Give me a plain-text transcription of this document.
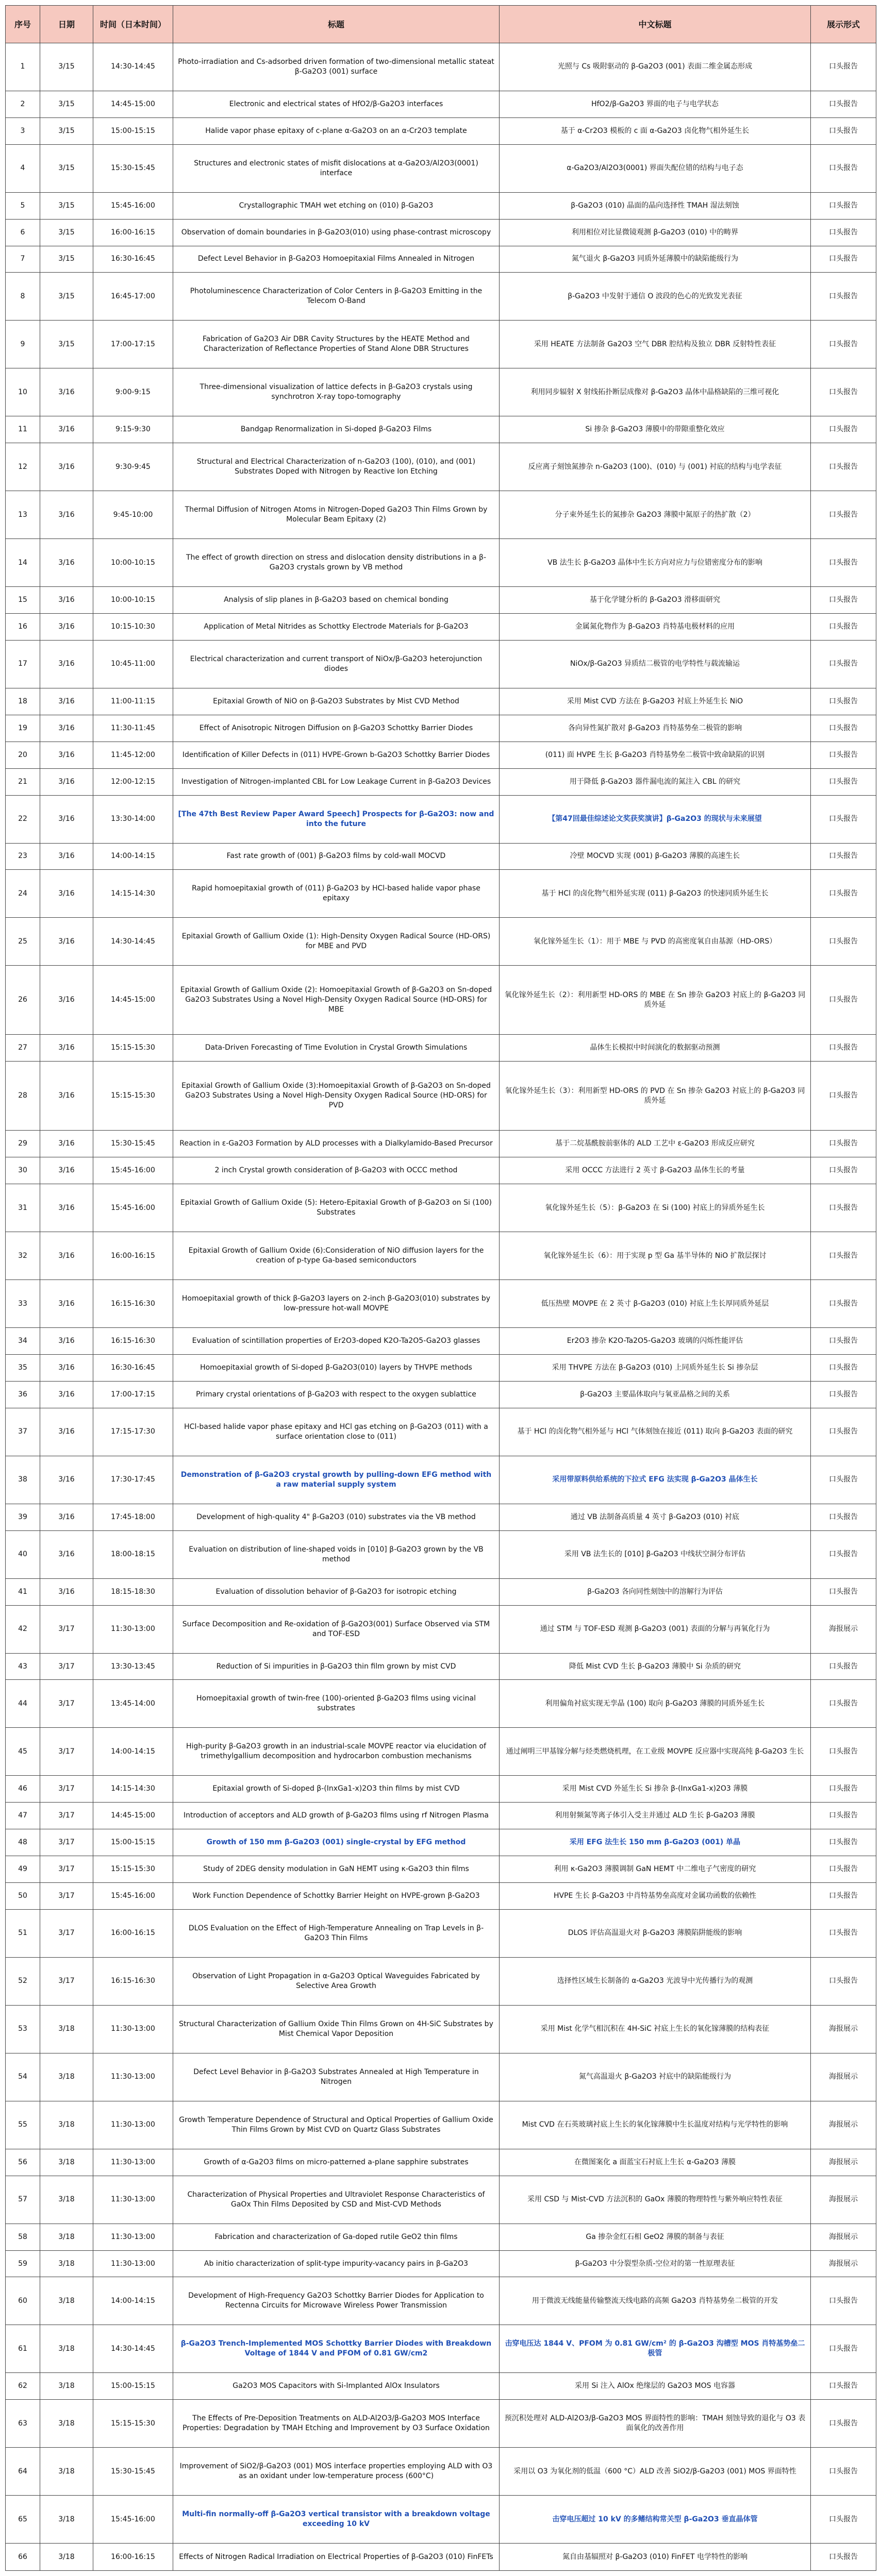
序号	日期	时间（日本时间）	标题	中文标题	展示形式
1	3/15	14:30-14:45	Photo-irradiation and Cs-adsorbed driven formation of two-dimensional metallic stateat β-Ga2O3 (001) surface	光照与 Cs 吸附驱动的 β-Ga2O3 (001) 表面二维金属态形成	口头报告
2	3/15	14:45-15:00	Electronic and electrical states of HfO2/β-Ga2O3 interfaces	HfO2/β-Ga2O3 界面的电子与电学状态	口头报告
3	3/15	15:00-15:15	Halide vapor phase epitaxy of c-plane α-Ga2O3 on an α-Cr2O3 template	基于 α-Cr2O3 模板的 c 面 α-Ga2O3 卤化物气相外延生长	口头报告
4	3/15	15:30-15:45	Structures and electronic states of misfit dislocations at α-Ga2O3/Al2O3(0001) interface	α-Ga2O3/Al2O3(0001) 界面失配位错的结构与电子态	口头报告
5	3/15	15:45-16:00	Crystallographic TMAH wet etching on (010) β-Ga2O3	β-Ga2O3 (010) 晶面的晶向选择性 TMAH 湿法刻蚀	口头报告
6	3/15	16:00-16:15	Observation of domain boundaries in β-Ga2O3(010) using phase-contrast microscopy	利用相位对比显微镜观测 β-Ga2O3 (010) 中的畴界	口头报告
7	3/15	16:30-16:45	Defect Level Behavior in β-Ga2O3 Homoepitaxial Films Annealed in Nitrogen	氮气退火 β-Ga2O3 同质外延薄膜中的缺陷能级行为	口头报告
8	3/15	16:45-17:00	Photoluminescence Characterization of Color Centers in β-Ga2O3 Emitting in the Telecom O-Band	β-Ga2O3 中发射于通信 O 波段的色心的光致发光表征	口头报告
9	3/15	17:00-17:15	Fabrication of Ga2O3 Air DBR Cavity Structures by the HEATE Method and Characterization of Reflectance Properties of Stand Alone DBR Structures	采用 HEATE 方法制备 Ga2O3 空气 DBR 腔结构及独立 DBR 反射特性表征	口头报告
10	3/16	9:00-9:15	Three-dimensional visualization of lattice defects in β-Ga2O3 crystals using synchrotron X-ray topo-tomography	利用同步辐射 X 射线拓扑断层成像对 β-Ga2O3 晶体中晶格缺陷的三维可视化	口头报告
11	3/16	9:15-9:30	Bandgap Renormalization in Si-doped β-Ga2O3 Films	Si 掺杂 β-Ga2O3 薄膜中的带隙重整化效应	口头报告
12	3/16	9:30-9:45	Structural and Electrical Characterization of n-Ga2O3 (100), (010), and (001) Substrates Doped with Nitrogen by Reactive Ion Etching	反应离子刻蚀氮掺杂 n-Ga2O3 (100)、(010) 与 (001) 衬底的结构与电学表征	口头报告
13	3/16	9:45-10:00	Thermal Diffusion of Nitrogen Atoms in Nitrogen-Doped Ga2O3 Thin Films Grown by Molecular Beam Epitaxy (2)	分子束外延生长的氮掺杂 Ga2O3 薄膜中氮原子的热扩散（2）	口头报告
14	3/16	10:00-10:15	The effect of growth direction on stress and dislocation density distributions in a β-Ga2O3 crystals grown by VB method	VB 法生长 β-Ga2O3 晶体中生长方向对应力与位错密度分布的影响	口头报告
15	3/16	10:00-10:15	Analysis of slip planes in β-Ga2O3 based on chemical bonding	基于化学键分析的 β-Ga2O3 滑移面研究	口头报告
16	3/16	10:15-10:30	Application of Metal Nitrides as Schottky Electrode Materials for β-Ga2O3	金属氮化物作为 β-Ga2O3 肖特基电极材料的应用	口头报告
17	3/16	10:45-11:00	Electrical characterization and current transport of NiOx/β-Ga2O3 heterojunction diodes	NiOx/β-Ga2O3 异质结二极管的电学特性与载流输运	口头报告
18	3/16	11:00-11:15	Epitaxial Growth of NiO on β-Ga2O3 Substrates by Mist CVD Method	采用 Mist CVD 方法在 β-Ga2O3 衬底上外延生长 NiO	口头报告
19	3/16	11:30-11:45	Effect of Anisotropic Nitrogen Diffusion on β-Ga2O3 Schottky Barrier Diodes	各向异性氮扩散对 β-Ga2O3 肖特基势垒二极管的影响	口头报告
20	3/16	11:45-12:00	Identification of Killer Defects in (011) HVPE-Grown b-Ga2O3 Schottky Barrier Diodes	(011) 面 HVPE 生长 β-Ga2O3 肖特基势垒二极管中致命缺陷的识别	口头报告
21	3/16	12:00-12:15	Investigation of Nitrogen-implanted CBL for Low Leakage Current in β-Ga2O3 Devices	用于降低 β-Ga2O3 器件漏电流的氮注入 CBL 的研究	口头报告
22	3/16	13:30-14:00	[The 47th Best Review Paper Award Speech] Prospects for β-Ga2O3: now and into the future	【第47回最佳综述论文奖获奖演讲】β-Ga2O3 的现状与未来展望	口头报告
23	3/16	14:00-14:15	Fast rate growth of (001) β-Ga2O3 films by cold-wall MOCVD	冷壁 MOCVD 实现 (001) β-Ga2O3 薄膜的高速生长	口头报告
24	3/16	14:15-14:30	Rapid homoepitaxial growth of (011) β-Ga2O3 by HCl-based halide vapor phase epitaxy	基于 HCl 的卤化物气相外延实现 (011) β-Ga2O3 的快速同质外延生长	口头报告
25	3/16	14:30-14:45	Epitaxial Growth of Gallium Oxide (1): High-Density Oxygen Radical Source (HD-ORS) for MBE and PVD	氧化镓外延生长（1）：用于 MBE 与 PVD 的高密度氧自由基源（HD-ORS）	口头报告
26	3/16	14:45-15:00	Epitaxial Growth of Gallium Oxide (2): Homoepitaxial Growth of β-Ga2O3 on Sn-doped Ga2O3 Substrates Using a Novel High-Density Oxygen Radical Source (HD-ORS) for MBE	氧化镓外延生长（2）：利用新型 HD-ORS 的 MBE 在 Sn 掺杂 Ga2O3 衬底上的 β-Ga2O3 同质外延	口头报告
27	3/16	15:15-15:30	Data-Driven Forecasting of Time Evolution in Crystal Growth Simulations	晶体生长模拟中时间演化的数据驱动预测	口头报告
28	3/16	15:15-15:30	Epitaxial Growth of Gallium Oxide (3):Homoepitaxial Growth of β-Ga2O3 on Sn-doped Ga2O3 Substrates Using a Novel High-Density Oxygen Radical Source (HD-ORS) for PVD	氧化镓外延生长（3）：利用新型 HD-ORS 的 PVD 在 Sn 掺杂 Ga2O3 衬底上的 β-Ga2O3 同质外延	口头报告
29	3/16	15:30-15:45	Reaction in ε-Ga2O3 Formation by ALD processes with a Dialkylamido-Based Precursor	基于二烷基酰胺前驱体的 ALD 工艺中 ε-Ga2O3 形成反应研究	口头报告
30	3/16	15:45-16:00	2 inch Crystal growth consideration of β-Ga2O3 with OCCC method	采用 OCCC 方法进行 2 英寸 β-Ga2O3 晶体生长的考量	口头报告
31	3/16	15:45-16:00	Epitaxial Growth of Gallium Oxide (5): Hetero-Epitaxial Growth of β-Ga2O3 on Si (100) Substrates	氧化镓外延生长（5）：β-Ga2O3 在 Si (100) 衬底上的异质外延生长	口头报告
32	3/16	16:00-16:15	Epitaxial Growth of Gallium Oxide (6):Consideration of NiO diffusion layers for the creation of p-type Ga-based semiconductors	氧化镓外延生长（6）：用于实现 p 型 Ga 基半导体的 NiO 扩散层探讨	口头报告
33	3/16	16:15-16:30	Homoepitaxial growth of thick β-Ga2O3 layers on 2-inch β-Ga2O3(010) substrates by low-pressure hot-wall MOVPE	低压热壁 MOVPE 在 2 英寸 β-Ga2O3 (010) 衬底上生长厚同质外延层	口头报告
34	3/16	16:15-16:30	Evaluation of scintillation properties of Er2O3-doped K2O-Ta2O5-Ga2O3 glasses	Er2O3 掺杂 K2O-Ta2O5-Ga2O3 玻璃的闪烁性能评估	口头报告
35	3/16	16:30-16:45	Homoepitaxial growth of Si-doped β-Ga2O3(010) layers by THVPE methods	采用 THVPE 方法在 β-Ga2O3 (010) 上同质外延生长 Si 掺杂层	口头报告
36	3/16	17:00-17:15	Primary crystal orientations of β-Ga2O3 with respect to the oxygen sublattice	β-Ga2O3 主要晶体取向与氧亚晶格之间的关系	口头报告
37	3/16	17:15-17:30	HCl-based halide vapor phase epitaxy and HCl gas etching on β-Ga2O3 (011) with a surface orientation close to (011)	基于 HCl 的卤化物气相外延与 HCl 气体刻蚀在接近 (011) 取向 β-Ga2O3 表面的研究	口头报告
38	3/16	17:30-17:45	Demonstration of β-Ga2O3 crystal growth by pulling-down EFG method with a raw material supply system	采用带原料供给系统的下拉式 EFG 法实现 β-Ga2O3 晶体生长	口头报告
39	3/16	17:45-18:00	Development of high-quality 4" β-Ga2O3 (010) substrates via the VB method	通过 VB 法制备高质量 4 英寸 β-Ga2O3 (010) 衬底	口头报告
40	3/16	18:00-18:15	Evaluation on distribution of line-shaped voids in [010] β-Ga2O3 grown by the VB method	采用 VB 法生长的 [010] β-Ga2O3 中线状空洞分布评估	口头报告
41	3/16	18:15-18:30	Evaluation of dissolution behavior of β-Ga2O3 for isotropic etching	β-Ga2O3 各向同性刻蚀中的溶解行为评估	口头报告
42	3/17	11:30-13:00	Surface Decomposition and Re-oxidation of β-Ga2O3(001) Surface Observed via STM and TOF-ESD	通过 STM 与 TOF-ESD 观测 β-Ga2O3 (001) 表面的分解与再氧化行为	海报展示
43	3/17	13:30-13:45	Reduction of Si impurities in β-Ga2O3 thin film grown by mist CVD	降低 Mist CVD 生长 β-Ga2O3 薄膜中 Si 杂质的研究	口头报告
44	3/17	13:45-14:00	Homoepitaxial growth of twin-free (100)-oriented β-Ga2O3 films using vicinal substrates	利用偏角衬底实现无孪晶 (100) 取向 β-Ga2O3 薄膜的同质外延生长	口头报告
45	3/17	14:00-14:15	High-purity β-Ga2O3 growth in an industrial-scale MOVPE reactor via elucidation of trimethylgallium decomposition and hydrocarbon combustion mechanisms	通过阐明三甲基镓分解与烃类燃烧机理，在工业级 MOVPE 反应器中实现高纯 β-Ga2O3 生长	口头报告
46	3/17	14:15-14:30	Epitaxial growth of Si-doped β-(InxGa1-x)2O3 thin films by mist CVD	采用 Mist CVD 外延生长 Si 掺杂 β-(InxGa1-x)2O3 薄膜	口头报告
47	3/17	14:45-15:00	Introduction of acceptors and ALD growth of β-Ga2O3 films using rf Nitrogen Plasma	利用射频氮等离子体引入受主并通过 ALD 生长 β-Ga2O3 薄膜	口头报告
48	3/17	15:00-15:15	Growth of 150 mm β-Ga2O3 (001) single-crystal by EFG method	采用 EFG 法生长 150 mm β-Ga2O3 (001) 单晶	口头报告
49	3/17	15:15-15:30	Study of 2DEG density modulation in GaN HEMT using κ-Ga2O3 thin films	利用 κ-Ga2O3 薄膜调制 GaN HEMT 中二维电子气密度的研究	口头报告
50	3/17	15:45-16:00	Work Function Dependence of Schottky Barrier Height on HVPE-grown β-Ga2O3	HVPE 生长 β-Ga2O3 中肖特基势垒高度对金属功函数的依赖性	口头报告
51	3/17	16:00-16:15	DLOS Evaluation on the Effect of High-Temperature Annealing on Trap Levels in β-Ga2O3 Thin Films	DLOS 评估高温退火对 β-Ga2O3 薄膜陷阱能级的影响	口头报告
52	3/17	16:15-16:30	Observation of Light Propagation in α-Ga2O3 Optical Waveguides Fabricated by Selective Area Growth	选择性区域生长制备的 α-Ga2O3 光波导中光传播行为的观测	口头报告
53	3/18	11:30-13:00	Structural Characterization of Gallium Oxide Thin Films Grown on 4H-SiC Substrates by Mist Chemical Vapor Deposition	采用 Mist 化学气相沉积在 4H-SiC 衬底上生长的氧化镓薄膜的结构表征	海报展示
54	3/18	11:30-13:00	Defect Level Behavior in β-Ga2O3 Substrates Annealed at High Temperature in Nitrogen	氮气高温退火 β-Ga2O3 衬底中的缺陷能级行为	海报展示
55	3/18	11:30-13:00	Growth Temperature Dependence of Structural and Optical Properties of Gallium Oxide Thin Films Grown by Mist CVD on Quartz Glass Substrates	Mist CVD 在石英玻璃衬底上生长的氧化镓薄膜中生长温度对结构与光学特性的影响	海报展示
56	3/18	11:30-13:00	Growth of α-Ga2O3 films on micro-patterned a-plane sapphire substrates	在微图案化 a 面蓝宝石衬底上生长 α-Ga2O3 薄膜	海报展示
57	3/18	11:30-13:00	Characterization of Physical Properties and Ultraviolet Response Characteristics of GaOx Thin Films Deposited by CSD and Mist-CVD Methods	采用 CSD 与 Mist-CVD 方法沉积的 GaOx 薄膜的物理特性与紫外响应特性表征	海报展示
58	3/18	11:30-13:00	Fabrication and characterization of Ga-doped rutile GeO2 thin films	Ga 掺杂金红石相 GeO2 薄膜的制备与表征	海报展示
59	3/18	11:30-13:00	Ab initio characterization of split-type impurity-vacancy pairs in β-Ga2O3	β-Ga2O3 中分裂型杂质-空位对的第一性原理表征	海报展示
60	3/18	14:00-14:15	Development of High-Frequency Ga2O3 Schottky Barrier Diodes for Application to Rectenna Circuits for Microwave Wireless Power Transmission	用于微波无线能量传输整流天线电路的高频 Ga2O3 肖特基势垒二极管的开发	口头报告
61	3/18	14:30-14:45	β-Ga2O3 Trench-Implemented MOS Schottky Barrier Diodes with Breakdown Voltage of 1844 V and PFOM of 0.81 GW/cm2	击穿电压达 1844 V、PFOM 为 0.81 GW/cm² 的 β-Ga2O3 沟槽型 MOS 肖特基势垒二极管	口头报告
62	3/18	15:00-15:15	Ga2O3 MOS Capacitors with Si-Implanted AlOx Insulators	采用 Si 注入 AlOx 绝缘层的 Ga2O3 MOS 电容器	口头报告
63	3/18	15:15-15:30	The Effects of Pre-Deposition Treatments on ALD-Al2O3/β-Ga2O3 MOS Interface Properties: Degradation by TMAH Etching and Improvement by O3 Surface Oxidation	预沉积处理对 ALD-Al2O3/β-Ga2O3 MOS 界面特性的影响：TMAH 刻蚀导致的退化与 O3 表面氧化的改善作用	口头报告
64	3/18	15:30-15:45	Improvement of SiO2/β-Ga2O3 (001) MOS interface properties employing ALD with O3 as an oxidant under low-temperature process (600°C)	采用以 O3 为氧化剂的低温（600 °C）ALD 改善 SiO2/β-Ga2O3 (001) MOS 界面特性	口头报告
65	3/18	15:45-16:00	Multi-fin normally-off β-Ga2O3 vertical transistor with a breakdown voltage exceeding 10 kV	击穿电压超过 10 kV 的多鳍结构常关型 β-Ga2O3 垂直晶体管	口头报告
66	3/18	16:00-16:15	Effects of Nitrogen Radical Irradiation on Electrical Properties of β-Ga2O3 (010) FinFETs	氮自由基辐照对 β-Ga2O3 (010) FinFET 电学特性的影响	口头报告
